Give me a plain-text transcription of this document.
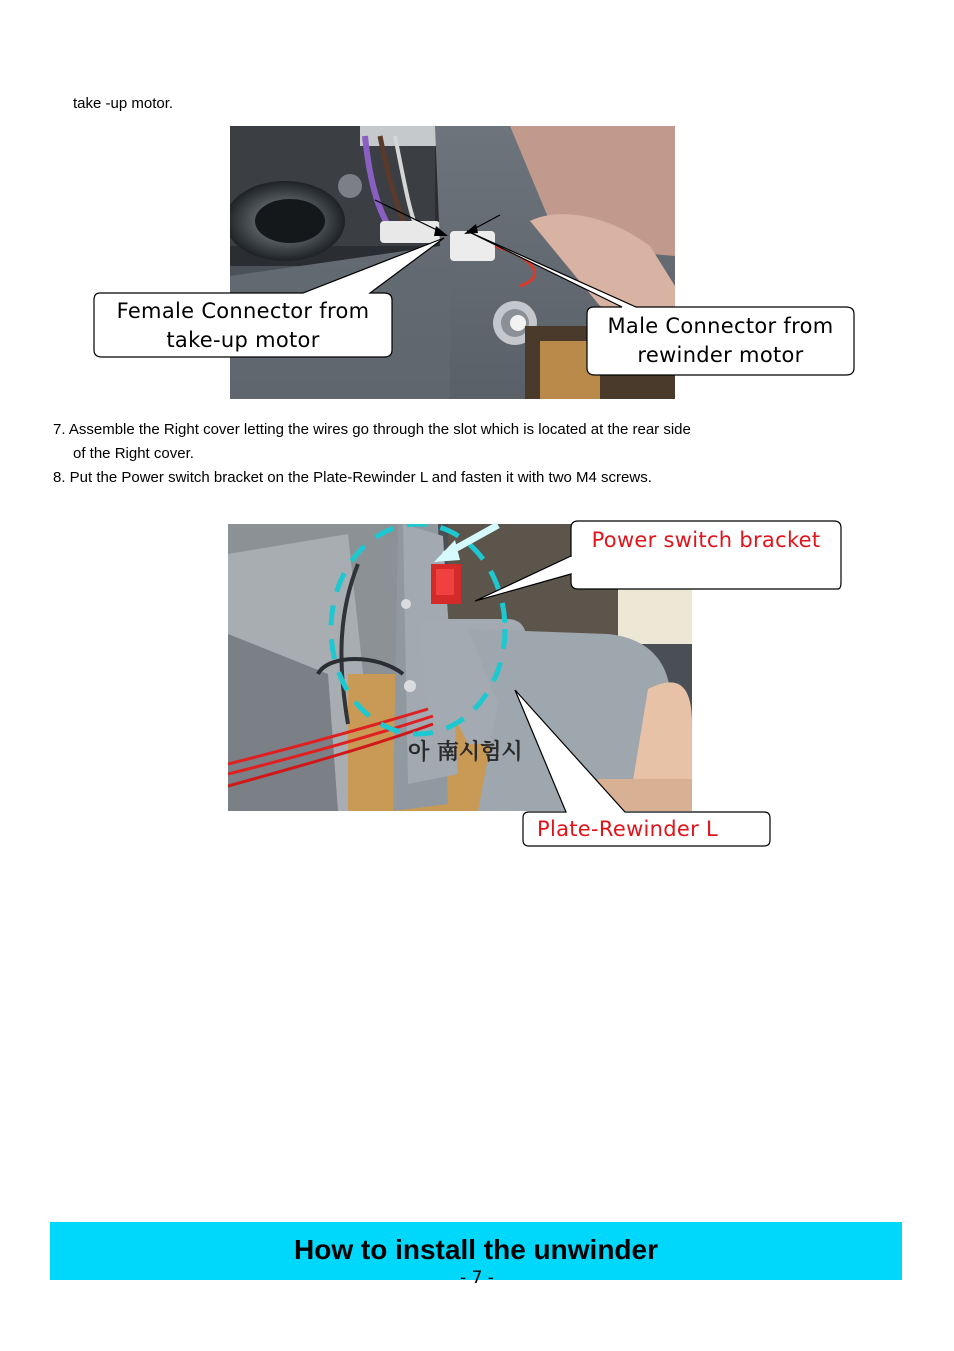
take -up motor.
Female Connector from
take-up motor
Male Connector from
rewinder motor
7. Assemble the Right cover letting the wires go through the slot which is located at the rear side
of the Right cover.
8. Put the Power switch bracket on the Plate-Rewinder L and fasten it with two M4 screws.
아 南시험시
Power switch bracket
Plate-Rewinder L
How to install the unwinder
- 7 -
